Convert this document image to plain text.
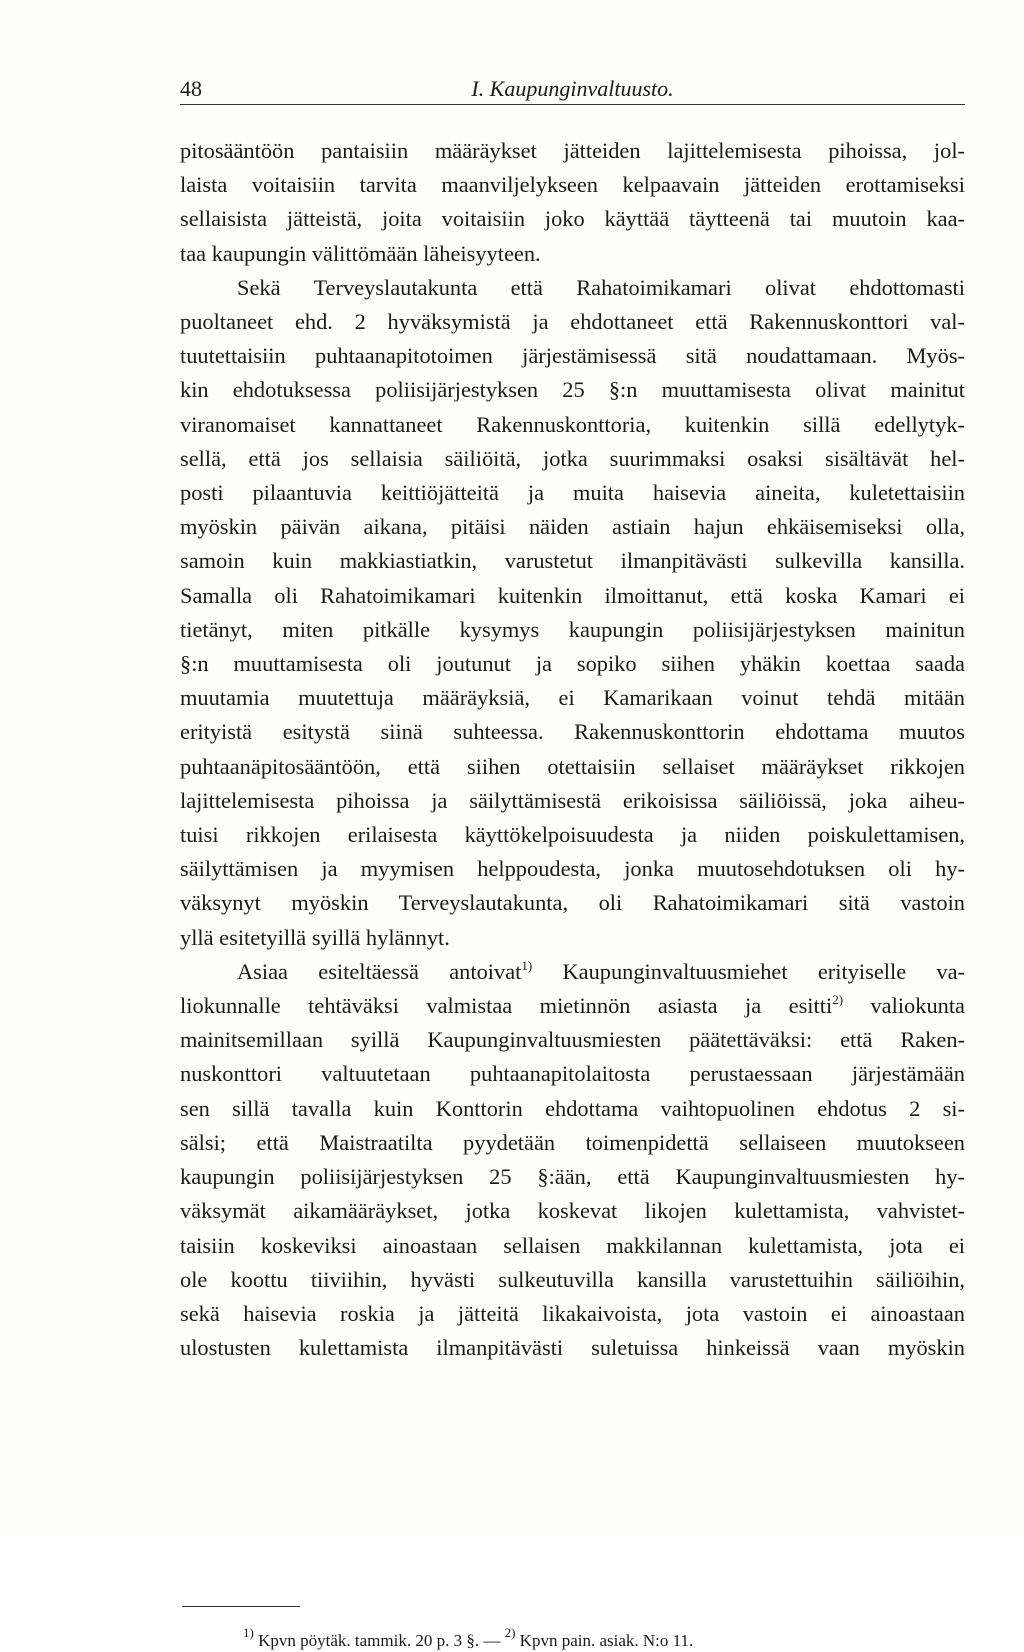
48	I. Kaupunginvaltuusto.

pitosääntöön pantaisiin määräykset jätteiden lajittelemisesta pihoissa, jol-

laista voitaisiin tarvita maanviljelykseen kelpaavain jätteiden erottamiseksi

sellaisista jätteistä, joita voitaisiin joko käyttää täytteenä tai muutoin kaa-

taa kaupungin välittömään läheisyyteen.

Sekä Terveyslautakunta että Rahatoimikamari olivat ehdottomasti

puoltaneet ehd. 2 hyväksymistä ja ehdottaneet että Rakennuskonttori val-

tuutettaisiin puhtaanapitotoimen järjestämisessä sitä noudattamaan. Myös-

kin ehdotuksessa poliisijärjestyksen 25 §:n muuttamisesta olivat mainitut

viranomaiset kannattaneet Rakennuskonttoria, kuitenkin sillä edellytyk-

sellä, että jos sellaisia säiliöitä, jotka suurimmaksi osaksi sisältävät hel-

posti pilaantuvia keittiöjätteitä ja muita haisevia aineita, kuletettaisiin

myöskin päivän aikana, pitäisi näiden astiain hajun ehkäisemiseksi olla,

samoin kuin makkiastiatkin, varustetut ilmanpitävästi sulkevilla kansilla.

Samalla oli Rahatoimikamari kuitenkin ilmoittanut, että koska Kamari ei

tietänyt, miten pitkälle kysymys kaupungin poliisijärjestyksen mainitun

§:n muuttamisesta oli joutunut ja sopiko siihen yhäkin koettaa saada

muutamia muutettuja määräyksiä, ei Kamarikaan voinut tehdä mitään

erityistä esitystä siinä suhteessa. Rakennuskonttorin ehdottama muutos

puhtaanäpitosääntöön, että siihen otettaisiin sellaiset määräykset rikkojen

lajittelemisesta pihoissa ja säilyttämisestä erikoisissa säiliöissä, joka aiheu-

tuisi rikkojen erilaisesta käyttökelpoisuudesta ja niiden poiskulettamisen,

säilyttämisen ja myymisen helppoudesta, jonka muutosehdotuksen oli hy-

väksynyt myöskin Terveyslautakunta, oli Rahatoimikamari sitä vastoin

yllä esitetyillä syillä hylännyt.

Asiaa esiteltäessä antoivat$^{1)}$ Kaupunginvaltuusmiehet erityiselle va-

liokunnalle tehtäväksi valmistaa mietinnön asiasta ja esitti$^{2)}$ valiokunta

mainitsemillaan syillä Kaupunginvaltuusmiesten päätettäväksi: että Raken-

nuskonttori valtuutetaan puhtaanapitolaitosta perustaessaan järjestämään

sen sillä tavalla kuin Konttorin ehdottama vaihtopuolinen ehdotus 2 si-

sälsi; että Maistraatilta pyydetään toimenpidettä sellaiseen muutokseen

kaupungin poliisijärjestyksen 25 §:ään, että Kaupunginvaltuusmiesten hy-

väksymät aikamääräykset, jotka koskevat likojen kulettamista, vahvistet-

taisiin koskeviksi ainoastaan sellaisen makkilannan kulettamista, jota ei

ole koottu tiiviihin, hyvästi sulkeutuvilla kansilla varustettuihin säiliöihin,

sekä haisevia roskia ja jätteitä likakaivoista, jota vastoin ei ainoastaan

ulostusten kulettamista ilmanpitävästi suletuissa hinkeissä vaan myöskin

$^{1)}$ Kpvn pöytäk. tammik. 20 p. 3 §. — $^{2)}$ Kpvn pain. asiak. N:o 11.
